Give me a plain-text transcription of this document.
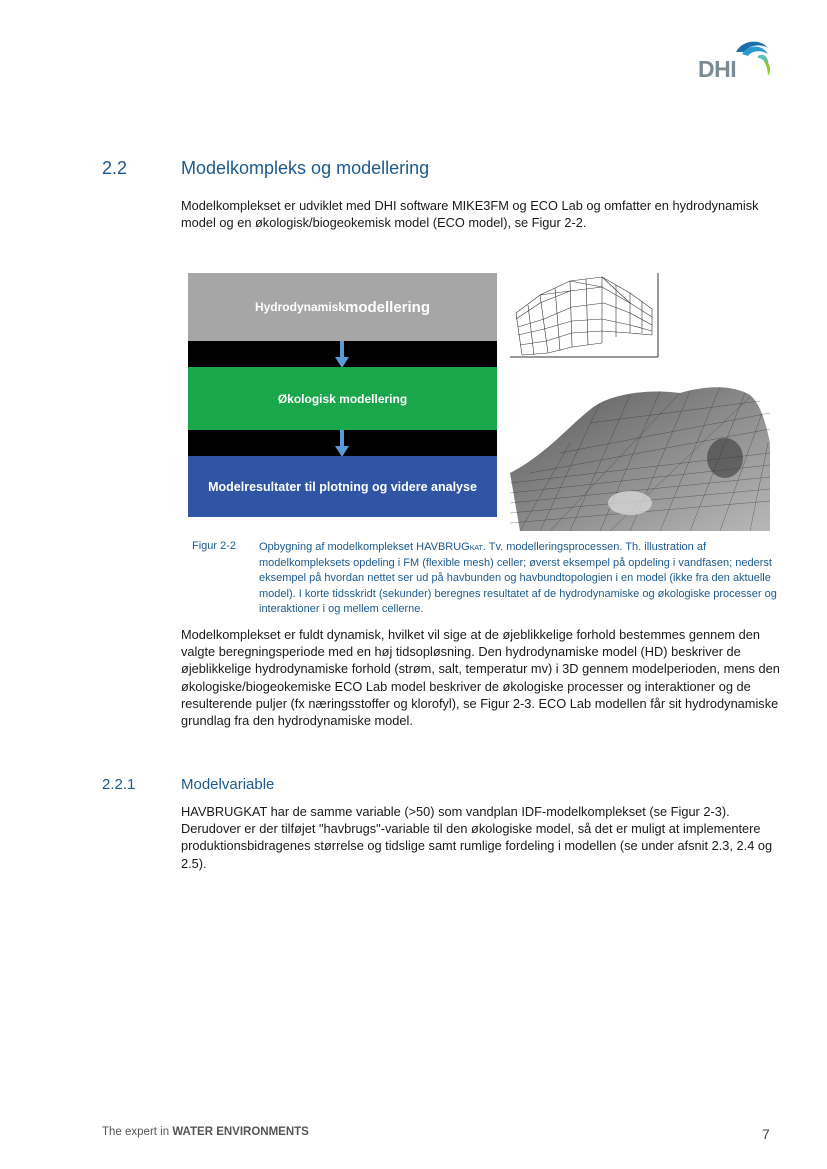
DHI
2.2	Modelkompleks og modellering

Modelkomplekset er udviklet med DHI software MIKE3FM og ECO Lab og omfatter en hydrodynamisk model og en økologisk/biogeokemisk model (ECO model), se Figur 2-2.

Hydrodynamisk modellering
Økologisk modellering
Modelresultater til plotning og videre analyse
Figur 2-2 Opbygning af modelkomplekset HAVBRUGKAT. Tv. modelleringsprocessen. Th. illustration af modelkompleksets opdeling i FM (flexible mesh) celler; øverst eksempel på opdeling i vandfasen; nederst eksempel på hvordan nettet ser ud på havbunden og havbundtopologien i en model (ikke fra den aktuelle model). I korte tidsskridt (sekunder) beregnes resultatet af de hydrodynamiske og økologiske processer og interaktioner i og mellem cellerne.

Modelkomplekset er fuldt dynamisk, hvilket vil sige at de øjeblikkelige forhold bestemmes gennem den valgte beregningsperiode med en høj tidsopløsning. Den hydrodynamiske model (HD) beskriver de øjeblikkelige hydrodynamiske forhold (strøm, salt, temperatur mv) i 3D gennem modelperioden, mens den økologiske/biogeokemiske ECO Lab model beskriver de økologiske processer og interaktioner og de resulterende puljer (fx næringsstoffer og klorofyl), se Figur 2-3. ECO Lab modellen får sit hydrodynamiske grundlag fra den hydrodynamiske model.

2.2.1	Modelvariable

HAVBRUGKAT har de samme variable (>50) som vandplan IDF-modelkomplekset (se Figur 2-3). Derudover er der tilføjet "havbrugs"-variable til den økologiske model, så det er muligt at implementere produktionsbidragenes størrelse og tidslige samt rumlige fordeling i modellen (se under afsnit 2.3, 2.4 og 2.5).

The expert in WATER ENVIRONMENTS	7
